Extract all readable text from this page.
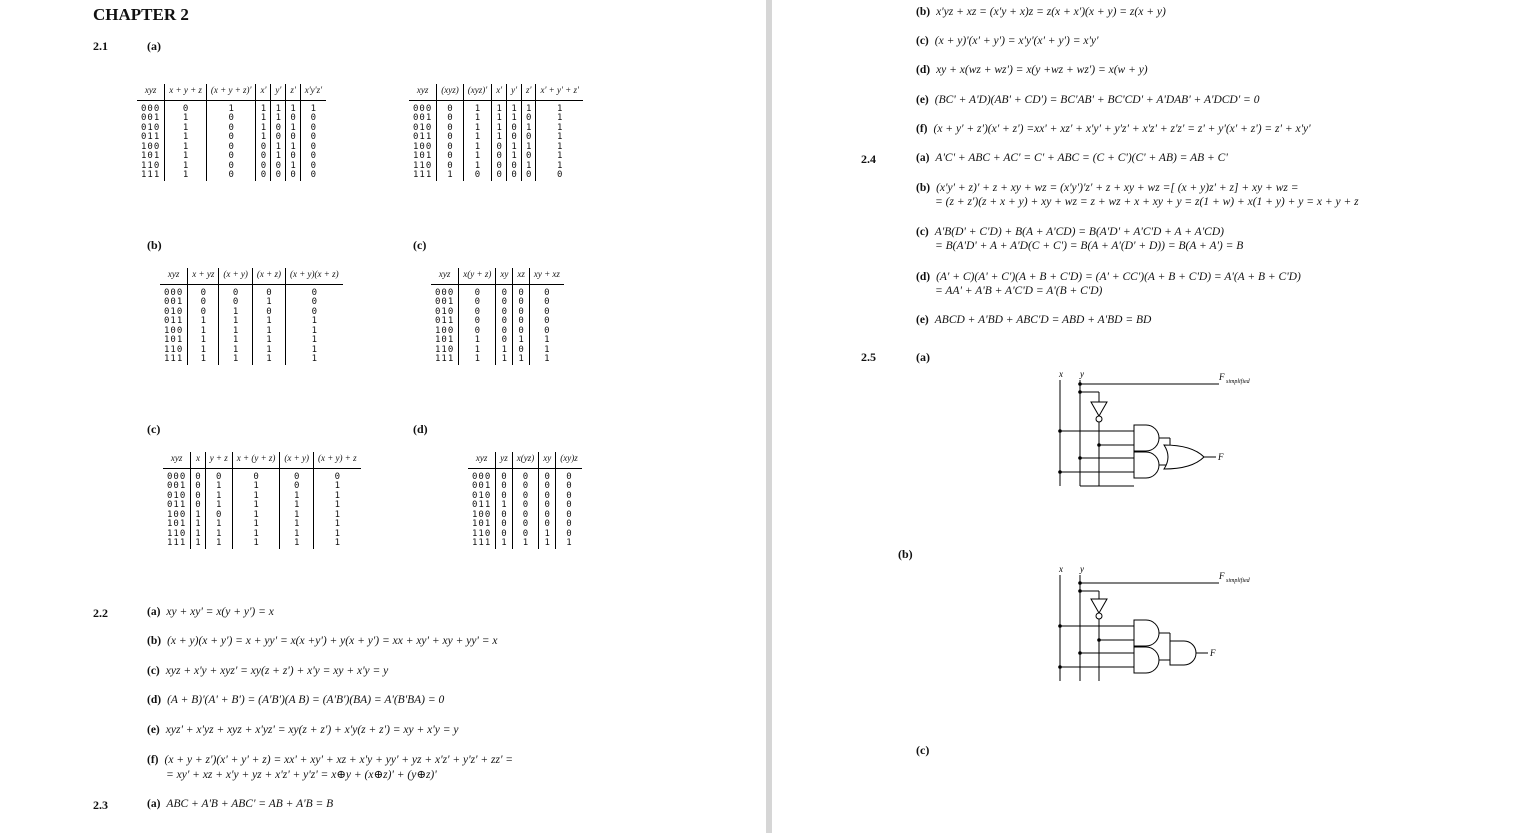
CHAPTER 2
2.1	(a)
xyz	x + y + z	(x + y + z)'	x'	y'	z'	x'y'z'
000	0	1	1	1	1	1
001	1	0	1	1	0	0
010	1	0	1	0	1	0
011	1	0	1	0	0	0
100	1	0	0	1	1	0
101	1	0	0	1	0	0
110	1	0	0	0	1	0
111	1	0	0	0	0	0
xyz	(xyz)	(xyz)'	x'	y'	z'	x' + y' + z'
000	0	1	1	1	1	1
001	0	1	1	1	0	1
010	0	1	1	0	1	1
011	0	1	1	0	0	1
100	0	1	0	1	1	1
101	0	1	0	1	0	1
110	0	1	0	0	1	1
111	1	0	0	0	0	0
(b)	(c)
xyz	x + yz	(x + y)	(x + z)	(x + y)(x + z)
000	0	0	0	0
001	0	0	1	0
010	0	1	0	0
011	1	1	1	1
100	1	1	1	1
101	1	1	1	1
110	1	1	1	1
111	1	1	1	1
xyz	x(y + z)	xy	xz	xy + xz
000	0	0	0	0
001	0	0	0	0
010	0	0	0	0
011	0	0	0	0
100	0	0	0	0
101	1	0	1	1
110	1	1	0	1
111	1	1	1	1
(c)	(d)
xyz	x	y + z	x + (y + z)	(x + y)	(x + y) + z
000	0	0	0	0	0
001	0	1	1	0	1
010	0	1	1	1	1
011	0	1	1	1	1
100	1	0	1	1	1
101	1	1	1	1	1
110	1	1	1	1	1
111	1	1	1	1	1
xyz	yz	x(yz)	xy	(xy)z
000	0	0	0	0
001	0	0	0	0
010	0	0	0	0
011	1	0	0	0
100	0	0	0	0
101	0	0	0	0
110	0	0	1	0
111	1	1	1	1
2.2	(a) xy + xy' = x(y + y') = x
(b) (x + y)(x + y') = x + yy' = x(x +y') + y(x + y') = xx + xy' + xy + yy' = x
(c) xyz + x'y + xyz' = xy(z + z') + x'y = xy + x'y = y
(d) (A + B)'(A' + B') = (A'B')(A B) = (A'B')(BA) = A'(B'BA) = 0
(e) xyz' + x'yz + xyz + x'yz' = xy(z + z') + x'y(z + z') = xy + x'y = y
(f) (x + y + z')(x' + y' + z) = xx' + xy' + xz + x'y + yy' + yz + x'z' + y'z' + zz' =
= xy' + xz + x'y + yz + x'z' + y'z' = x⊕y + (x⊕z)' + (y⊕z)'
2.3	(a) ABC + A'B + ABC' = AB + A'B = B
(b) x'yz + xz = (x'y + x)z = z(x + x')(x + y) = z(x + y)
(c) (x + y)'(x' + y') = x'y'(x' + y') = x'y'
(d) xy + x(wz + wz') = x(y +wz + wz') = x(w + y)
(e) (BC' + A'D)(AB' + CD') = BC'AB' + BC'CD' + A'DAB' + A'DCD' = 0
(f) (x + y' + z')(x' + z') =xx' + xz' + x'y' + y'z' + x'z' + z'z' = z' + y'(x' + z') = z' + x'y'
2.4	(a) A'C' + ABC + AC' = C' + ABC = (C + C')(C' + AB) = AB + C'
(b) (x'y' + z)' + z + xy + wz = (x'y')'z' + z + xy + wz =[ (x + y)z' + z] + xy + wz =
= (z + z')(z + x + y) + xy + wz = z + wz + x + xy + y = z(1 + w) + x(1 + y) + y = x + y + z
(c) A'B(D' + C'D) + B(A + A'CD) = B(A'D' + A'C'D + A + A'CD)
= B(A'D' + A + A'D(C + C') = B(A + A'(D' + D)) = B(A + A') = B
(d) (A' + C)(A' + C')(A + B + C'D) = (A' + CC')(A + B + C'D) = A'(A + B + C'D)
= AA' + A'B + A'C'D = A'(B + C'D)
(e) ABCD + A'BD + ABC'D = ABD + A'BD = BD
2.5	(a)
x y
F
F simplified
(b)
x y
F
F simplified
(c)
